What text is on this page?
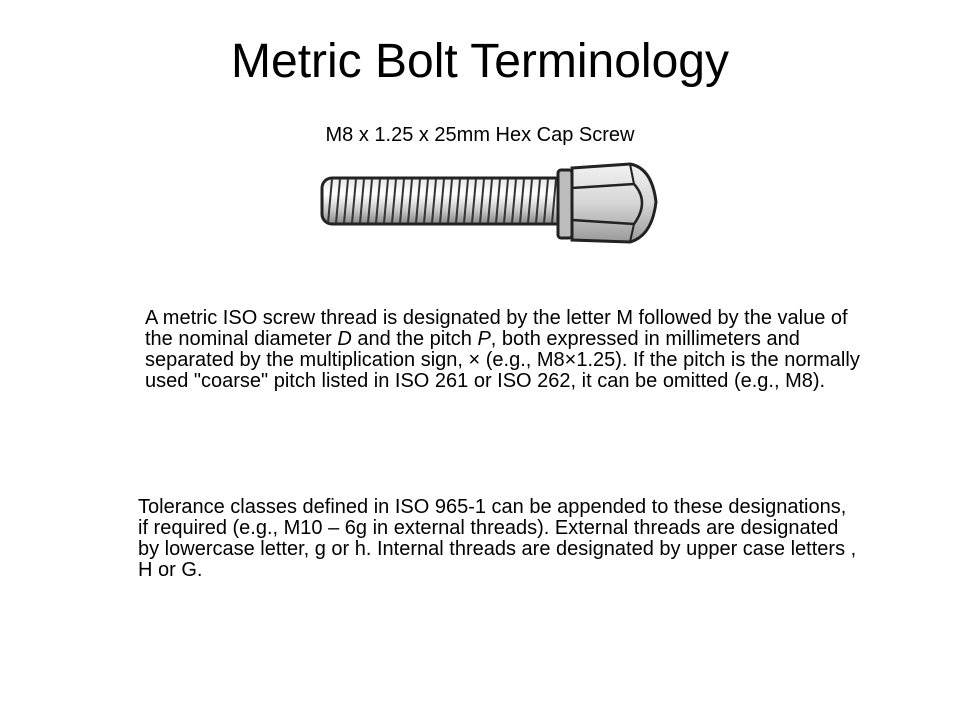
Metric Bolt Terminology
M8 x 1.25 x 25mm Hex Cap Screw

A metric ISO screw thread is designated by the letter M followed by the value of the nominal diameter D and the pitch P, both expressed in millimeters and separated by the multiplication sign, × (e.g., M8×1.25). If the pitch is the normally used "coarse" pitch listed in ISO 261 or ISO 262, it can be omitted (e.g., M8).

Tolerance classes defined in ISO 965-1 can be appended to these designations, if required (e.g., M10 – 6g in external threads). External threads are designated by lowercase letter, g or h. Internal threads are designated by upper case letters , H or G.
